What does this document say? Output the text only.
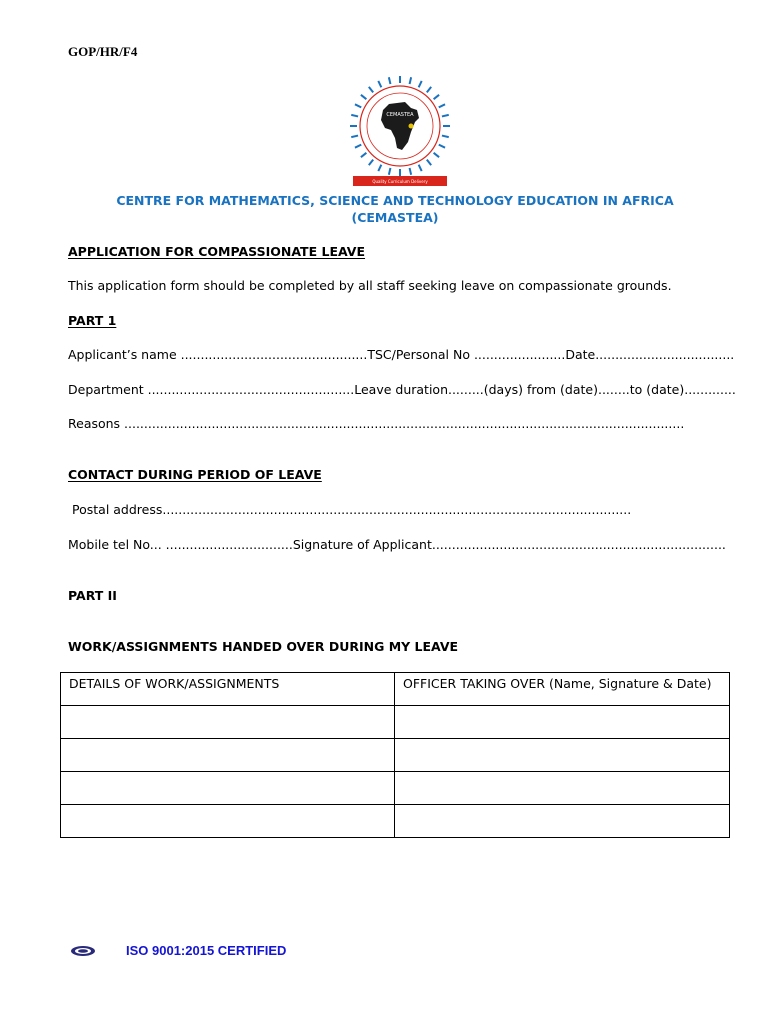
GOP/HR/F4
CEMASTEA
Quality Curriculum Delivery
CENTRE FOR MATHEMATICS, SCIENCE AND TECHNOLOGY EDUCATION IN AFRICA
(CEMASTEA)
APPLICATION FOR COMPASSIONATE LEAVE
This application form should be completed by all staff seeking leave on compassionate grounds.
PART 1
Applicant’s name ...............................................TSC/Personal No .......................Date...................................
Department ....................................................Leave duration.........(days) from (date)........to (date).............
Reasons .............................................................................................................................................
CONTACT DURING PERIOD OF LEAVE
Postal address......................................................................................................................
Mobile tel No... ................................Signature of Applicant..........................................................................
PART II
WORK/ASSIGNMENTS HANDED OVER DURING MY LEAVE
DETAILS OF WORK/ASSIGNMENTS	OFFICER TAKING OVER (Name, Signature & Date)

ISO 9001:2015 CERTIFIED
